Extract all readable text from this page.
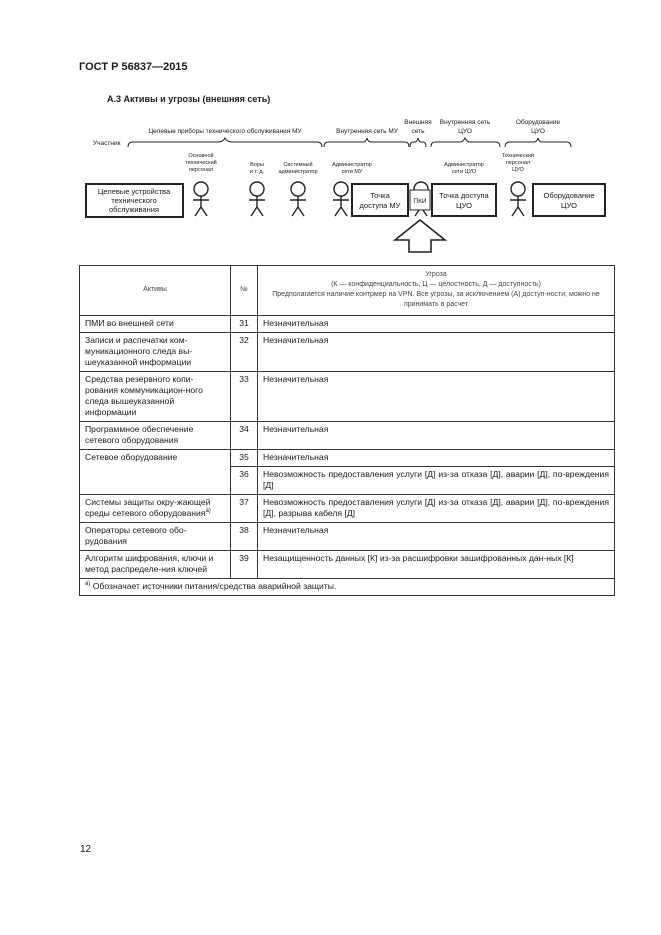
ГОСТ Р 56837—2015
А.3 Активы и угрозы (внешняя сеть)
Целевые приборы технического обслуживания МУ	Внутренняя сеть МУ
Внешняя
сеть
Внутренняя сеть
ЦУО
Оборудование
ЦУО
Участник
Основной
технический
персонал
Воры
и т. д.
Системный
администратор
Администратор
сети МУ
Администратор
сети ЦУО
Технический
персонал
ЦУО
Целевые устройства
технического
обслуживания
Точка
доступа МУ ПКИ
Точка доступа
ЦУО
Оборудование
ЦУО
Активы	№	Угроза
(К — конфиденциальность, Ц — целостность, Д — доступность)
Предполагается наличие контрмер на VPN. Все угрозы, за исключением (А) доступ-ности, можно не принимать в расчет

ПМИ во внешней сети	31	Незначительная
Записи и распечатки ком-муникационного следа вы-шеуказанной информации	32	Незначительная
Средства резервного копи-рования коммуникацион-ного следа вышеуказанной информации	33	Незначительная
Программное обеспечение сетевого оборудования	34	Незначительная
Сетевое оборудование	35	Незначительная
	36	Невозможность предоставления услуги [Д] из-за отказа [Д], аварии [Д], по-вреждения [Д]
Системы защиты окру-жающей среды сетевого оборудования$^{а)}$	37	Невозможность предоставления услуги [Д] из-за отказа [Д], аварии [Д], по-вреждения [Д], разрыва кабеля [Д]
Операторы сетевого обо-рудования	38	Незначительная
Алгоритм шифрования, ключи и метод распределе-ния ключей	39	Незащищенность данных [К] из-за расшифровки зашифрованных дан-ных [К]
$^{а)}$ Обозначает источники питания/средства аварийной защиты.		
12
